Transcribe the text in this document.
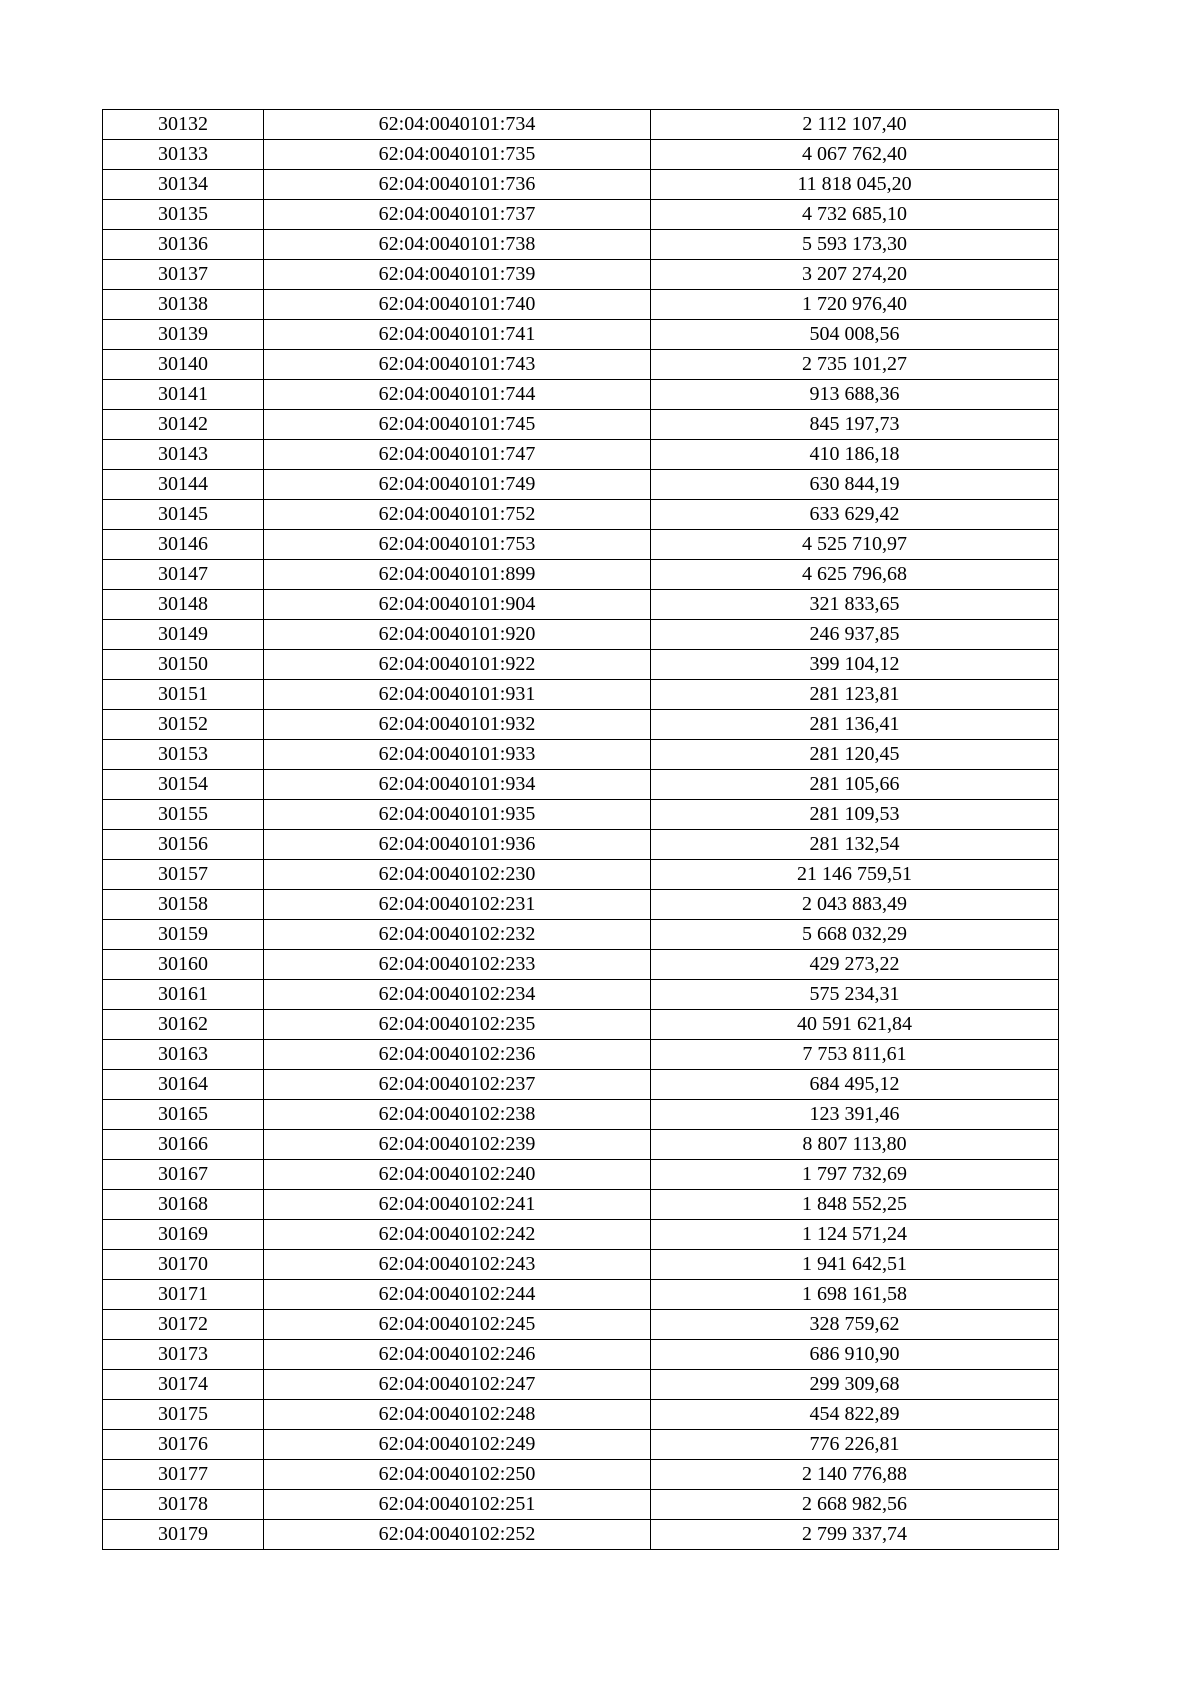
30132	62:04:0040101:734	2 112 107,40
30133	62:04:0040101:735	4 067 762,40
30134	62:04:0040101:736	11 818 045,20
30135	62:04:0040101:737	4 732 685,10
30136	62:04:0040101:738	5 593 173,30
30137	62:04:0040101:739	3 207 274,20
30138	62:04:0040101:740	1 720 976,40
30139	62:04:0040101:741	504 008,56
30140	62:04:0040101:743	2 735 101,27
30141	62:04:0040101:744	913 688,36
30142	62:04:0040101:745	845 197,73
30143	62:04:0040101:747	410 186,18
30144	62:04:0040101:749	630 844,19
30145	62:04:0040101:752	633 629,42
30146	62:04:0040101:753	4 525 710,97
30147	62:04:0040101:899	4 625 796,68
30148	62:04:0040101:904	321 833,65
30149	62:04:0040101:920	246 937,85
30150	62:04:0040101:922	399 104,12
30151	62:04:0040101:931	281 123,81
30152	62:04:0040101:932	281 136,41
30153	62:04:0040101:933	281 120,45
30154	62:04:0040101:934	281 105,66
30155	62:04:0040101:935	281 109,53
30156	62:04:0040101:936	281 132,54
30157	62:04:0040102:230	21 146 759,51
30158	62:04:0040102:231	2 043 883,49
30159	62:04:0040102:232	5 668 032,29
30160	62:04:0040102:233	429 273,22
30161	62:04:0040102:234	575 234,31
30162	62:04:0040102:235	40 591 621,84
30163	62:04:0040102:236	7 753 811,61
30164	62:04:0040102:237	684 495,12
30165	62:04:0040102:238	123 391,46
30166	62:04:0040102:239	8 807 113,80
30167	62:04:0040102:240	1 797 732,69
30168	62:04:0040102:241	1 848 552,25
30169	62:04:0040102:242	1 124 571,24
30170	62:04:0040102:243	1 941 642,51
30171	62:04:0040102:244	1 698 161,58
30172	62:04:0040102:245	328 759,62
30173	62:04:0040102:246	686 910,90
30174	62:04:0040102:247	299 309,68
30175	62:04:0040102:248	454 822,89
30176	62:04:0040102:249	776 226,81
30177	62:04:0040102:250	2 140 776,88
30178	62:04:0040102:251	2 668 982,56
30179	62:04:0040102:252	2 799 337,74
